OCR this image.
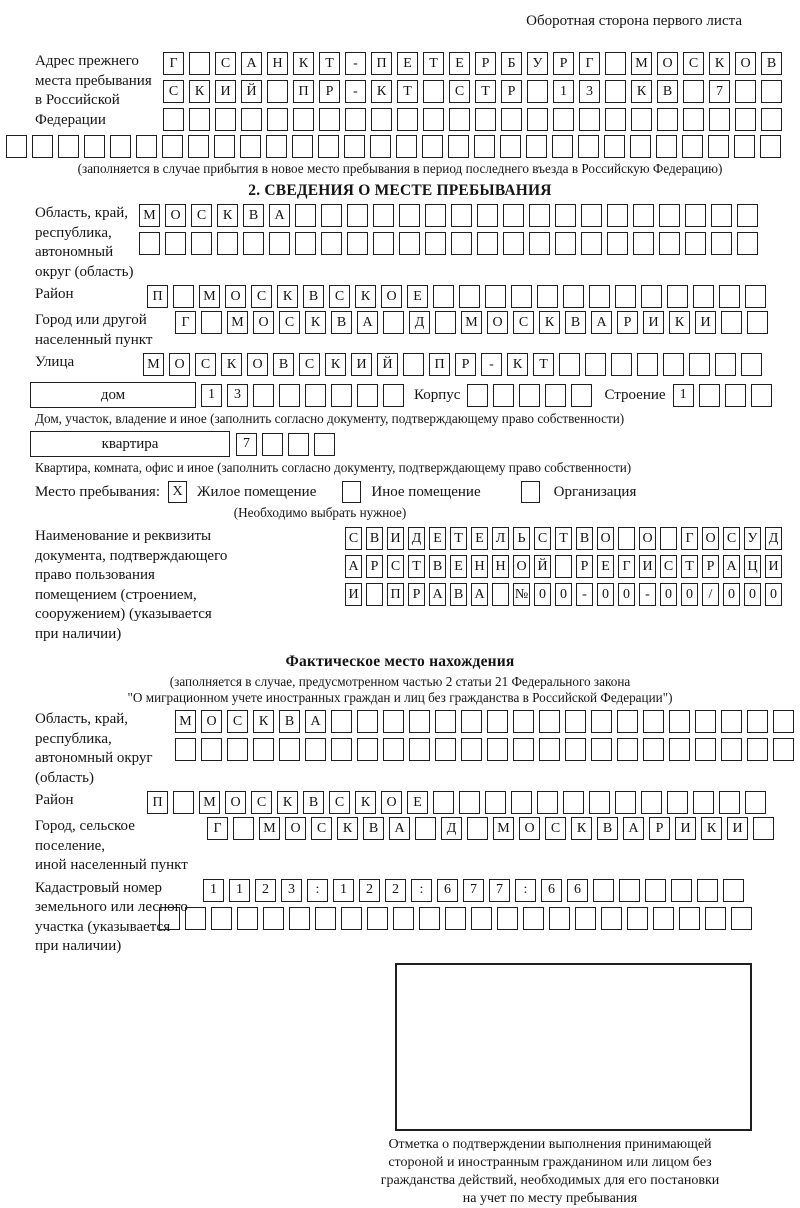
Оборотная сторона первого листа
Адрес прежнего
места пребывания
в Российской
Федерации
Г	С	А	Н	К	Т	-	П	Е	Т	Е	Р	Б	У	Р	Г	М	О	С	К	О	В
С	К	И	Й	П	Р	-	К	Т	С	Т	Р	1	3	К	В	7
(заполняется в случае прибытия в новое место пребывания в период последнего въезда в Российскую Федерацию)
2. СВЕДЕНИЯ О МЕСТЕ ПРЕБЫВАНИЯ
Область, край,
республика,
автономный
округ (область)
М	О	С	К	В	А
Район	П	М	О	С	К	В	С	К	О	Е
Город или другой
населенный пункт
Г	М	О	С	К	В	А	Д	М	О	С	К	В	А	Р	И	К	И
Улица	М	О	С	К	О	В	С	К	И	Й	П	Р	-	К	Т
дом	1	3	Корпус	Строение	1
Дом, участок, владение и иное (заполнить согласно документу, подтверждающему право собственности)
квартира	7
Квартира, комната, офис и иное (заполнить согласно документу, подтверждающему право собственности)
Место пребывания: X Жилое помещение	Иное помещение	Организация
(Необходимо выбрать нужное)
Наименование и реквизиты
документа, подтверждающего
право пользования
помещением (строением,
сооружением) (указывается
при наличии)
С В И Д Е Т Е Л Ь С Т В О О	Г О С У Д
А Р С Т В Е Н Н О Й	Р Е Г И С Т Р А Ц И
И П Р А В А № 0	0	-	0	0	-	0	0	/	0	0	0
Фактическое место нахождения
(заполняется в случае, предусмотренном частью 2 статьи 21 Федерального закона
"О миграционном учете иностранных граждан и лиц без гражданства в Российской Федерации")
Область, край,
республика,
автономный округ
(область)
М	О	С	К	В	А
Район	П	М	О	С	К	В	С	К	О	Е
Город, сельское поселение,
иной населенный пункт
Г	М	О	С	К	В	А	Д	М	О	С	К	В	А	Р	И	К	И
Кадастровый номер
земельного или лесного
участка (указывается
при наличии)
1	1	2	3	:	1	2	2	:	6	7	7	:	6	6
Отметка о подтверждении выполнения принимающей
стороной и иностранным гражданином или лицом без
гражданства действий, необходимых для его постановки
на учет по месту пребывания
